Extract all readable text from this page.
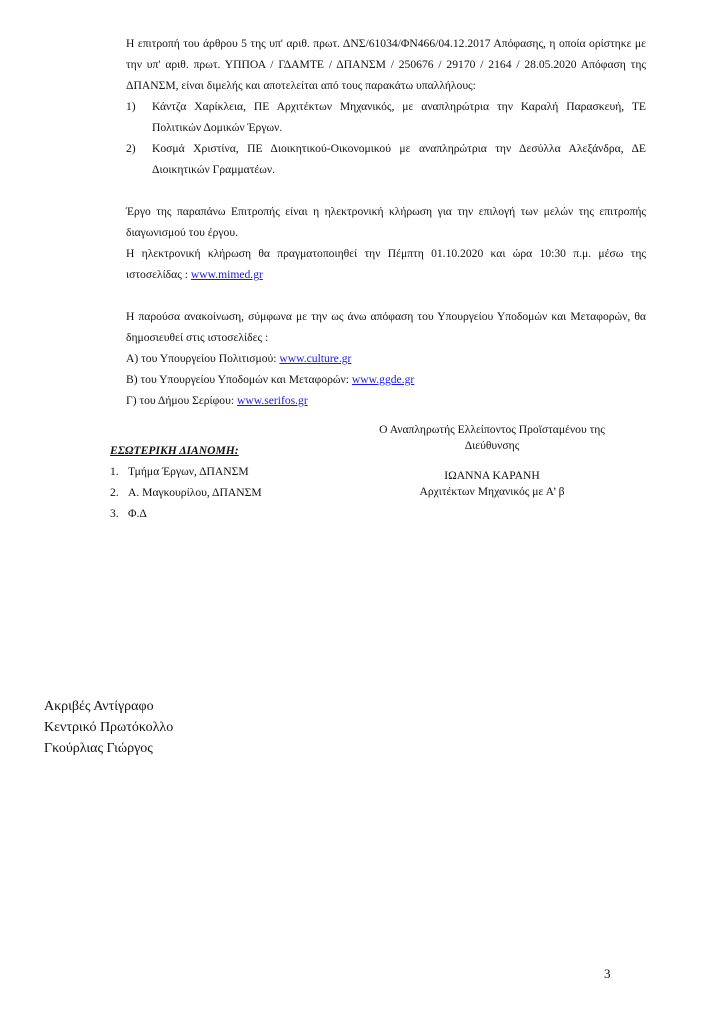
Η επιτροπή του άρθρου 5 της υπ' αριθ. πρωτ. ΔΝΣ/61034/ΦΝ466/04.12.2017 Απόφασης, η οποία ορίστηκε με την υπ' αριθ. πρωτ. ΥΠΠΟΑ / ΓΔΑΜΤΕ / ΔΠΑΝΣΜ / 250676 / 29170 / 2164 / 28.05.2020 Απόφαση της ΔΠΑΝΣΜ, είναι διμελής και αποτελείται από τους παρακάτω υπαλλήλους:

1) Κάντζα Χαρίκλεια, ΠΕ Αρχιτέκτων Μηχανικός, με αναπληρώτρια την Καραλή Παρασκευή, ΤΕ Πολιτικών Δομικών Έργων.
2) Κοσμά Χριστίνα, ΠΕ Διοικητικού-Οικονομικού με αναπληρώτρια την Δεσύλλα Αλεξάνδρα, ΔΕ Διοικητικών Γραμματέων.

Έργο της παραπάνω Επιτροπής είναι η ηλεκτρονική κλήρωση για την επιλογή των μελών της επιτροπής διαγωνισμού του έργου.

Η ηλεκτρονική κλήρωση θα πραγματοποιηθεί την Πέμπτη 01.10.2020 και ώρα 10:30 π.μ. μέσω της ιστοσελίδας : www.mimed.gr

Η παρούσα ανακοίνωση, σύμφωνα με την ως άνω απόφαση του Υπουργείου Υποδομών και Μεταφορών, θα δημοσιευθεί στις ιστοσελίδες :

Α) του Υπουργείου Πολιτισμού: www.culture.gr

Β) του Υπουργείου Υποδομών και Μεταφορών: www.ggde.gr

Γ) του Δήμου Σερίφου: www.serifos.gr

Ο Αναπληρωτής Ελλείποντος Προϊσταμένου της
Διεύθυνσης
ΙΩΑΝΝΑ ΚΑΡΑΝΗ
Αρχιτέκτων Μηχανικός με Α’ β
ΕΣΩΤΕΡΙΚΗ ΔΙΑΝΟΜΗ:
1. Τμήμα Έργων, ΔΠΑΝΣΜ
2. Α. Μαγκουρίλου, ΔΠΑΝΣΜ
3. Φ.Δ
Ακριβές Αντίγραφο
Κεντρικό Πρωτόκολλο
Γκούρλιας Γιώργος
3
